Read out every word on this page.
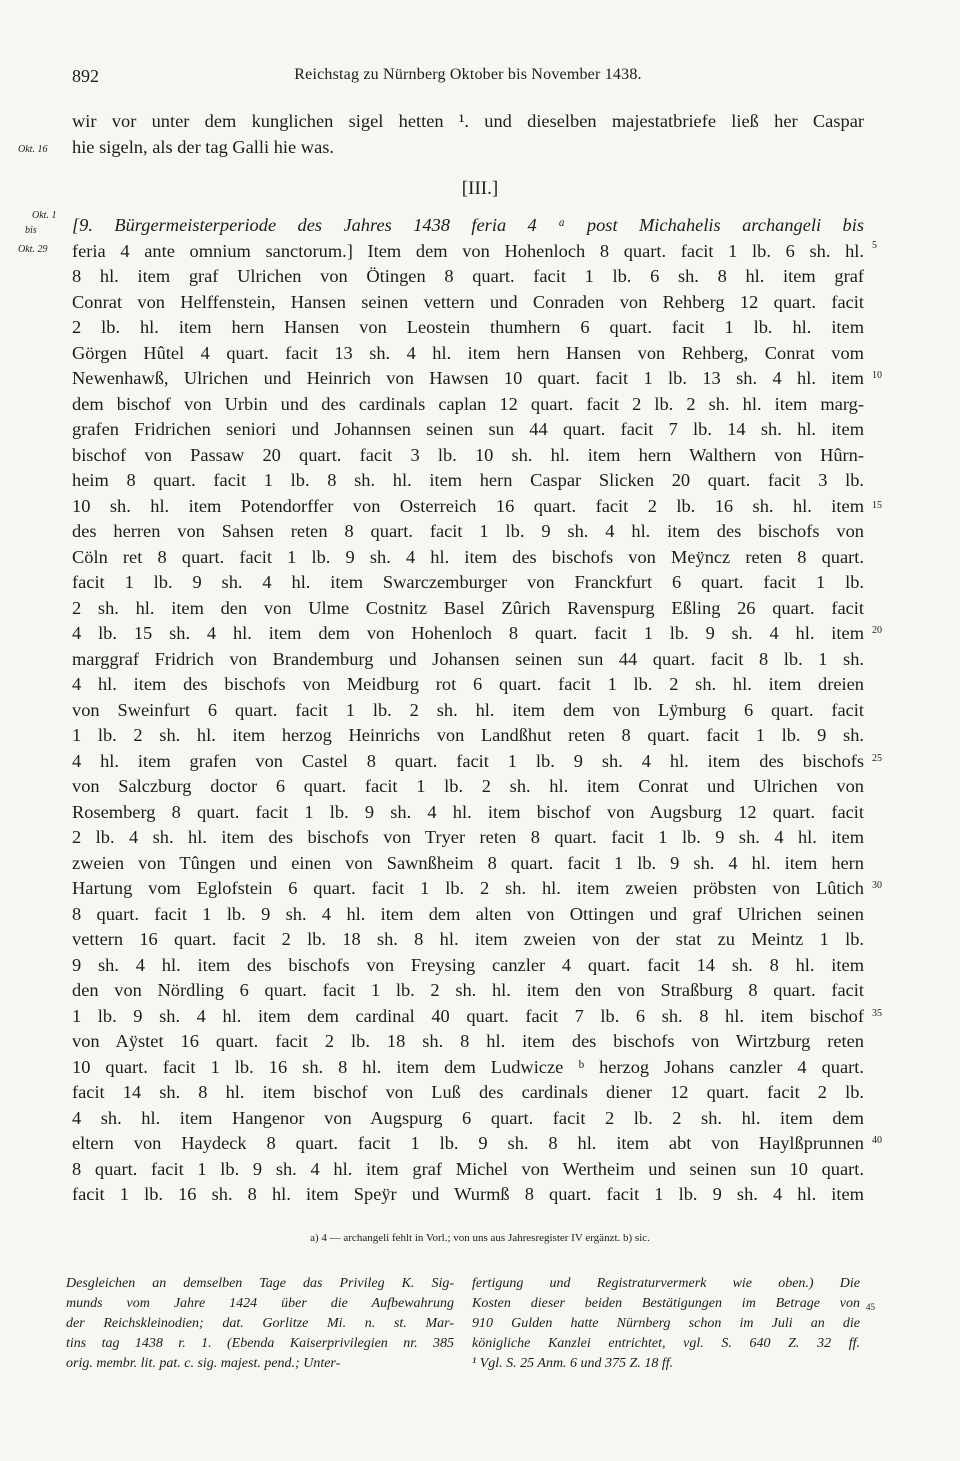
892	Reichstag zu Nürnberg Oktober bis November 1438.
wir vor unter dem kunglichen sigel hetten ¹. und dieselben majestatbriefe ließ her Caspar
hie sigeln, als der tag Galli hie was.
Okt. 16
[III.]
Okt. 1
bis
Okt. 29
[9. Bürgermeisterperiode des Jahres 1438 feria 4 ᵃ post Michahelis archangeli bis
feria 4 ante omnium sanctorum.] Item dem von Hohenloch 8 quart. facit 1 lb. 6 sh. hl.
8 hl. item graf Ulrichen von Ötingen 8 quart. facit 1 lb. 6 sh. 8 hl. item graf
Conrat von Helffenstein, Hansen seinen vettern und Conraden von Rehberg 12 quart. facit
2 lb. hl. item hern Hansen von Leostein thumhern 6 quart. facit 1 lb. hl. item
Görgen Hûtel 4 quart. facit 13 sh. 4 hl. item hern Hansen von Rehberg, Conrat vom
Newenhawß, Ulrichen und Heinrich von Hawsen 10 quart. facit 1 lb. 13 sh. 4 hl. item
dem bischof von Urbin und des cardinals caplan 12 quart. facit 2 lb. 2 sh. hl. item marg-
grafen Fridrichen seniori und Johannsen seinen sun 44 quart. facit 7 lb. 14 sh. hl. item
bischof von Passaw 20 quart. facit 3 lb. 10 sh. hl. item hern Walthern von Hûrn-
heim 8 quart. facit 1 lb. 8 sh. hl. item hern Caspar Slicken 20 quart. facit 3 lb.
10 sh. hl. item Potendorffer von Osterreich 16 quart. facit 2 lb. 16 sh. hl. item
des herren von Sahsen reten 8 quart. facit 1 lb. 9 sh. 4 hl. item des bischofs von
Cöln ret 8 quart. facit 1 lb. 9 sh. 4 hl. item des bischofs von Meÿncz reten 8 quart.
facit 1 lb. 9 sh. 4 hl. item Swarczemburger von Franckfurt 6 quart. facit 1 lb.
2 sh. hl. item den von Ulme Costnitz Basel Zûrich Ravenspurg Eßling 26 quart. facit
4 lb. 15 sh. 4 hl. item dem von Hohenloch 8 quart. facit 1 lb. 9 sh. 4 hl. item
marggraf Fridrich von Brandemburg und Johansen seinen sun 44 quart. facit 8 lb. 1 sh.
4 hl. item des bischofs von Meidburg rot 6 quart. facit 1 lb. 2 sh. hl. item dreien
von Sweinfurt 6 quart. facit 1 lb. 2 sh. hl. item dem von Lÿmburg 6 quart. facit
1 lb. 2 sh. hl. item herzog Heinrichs von Landßhut reten 8 quart. facit 1 lb. 9 sh.
4 hl. item grafen von Castel 8 quart. facit 1 lb. 9 sh. 4 hl. item des bischofs
von Salczburg doctor 6 quart. facit 1 lb. 2 sh. hl. item Conrat und Ulrichen von
Rosemberg 8 quart. facit 1 lb. 9 sh. 4 hl. item bischof von Augsburg 12 quart. facit
2 lb. 4 sh. hl. item des bischofs von Tryer reten 8 quart. facit 1 lb. 9 sh. 4 hl. item
zweien von Tûngen und einen von Sawnßheim 8 quart. facit 1 lb. 9 sh. 4 hl. item hern
Hartung vom Eglofstein 6 quart. facit 1 lb. 2 sh. hl. item zweien pröbsten von Lûtich
8 quart. facit 1 lb. 9 sh. 4 hl. item dem alten von Ottingen und graf Ulrichen seinen
vettern 16 quart. facit 2 lb. 18 sh. 8 hl. item zweien von der stat zu Meintz 1 lb.
9 sh. 4 hl. item des bischofs von Freysing canzler 4 quart. facit 14 sh. 8 hl. item
den von Nördling 6 quart. facit 1 lb. 2 sh. hl. item den von Straßburg 8 quart. facit
1 lb. 9 sh. 4 hl. item dem cardinal 40 quart. facit 7 lb. 6 sh. 8 hl. item bischof
von Aÿstet 16 quart. facit 2 lb. 18 sh. 8 hl. item des bischofs von Wirtzburg reten
10 quart. facit 1 lb. 16 sh. 8 hl. item dem Ludwicze ᵇ herzog Johans canzler 4 quart.
facit 14 sh. 8 hl. item bischof von Luß des cardinals diener 12 quart. facit 2 lb.
4 sh. hl. item Hangenor von Augspurg 6 quart. facit 2 lb. 2 sh. hl. item dem
eltern von Haydeck 8 quart. facit 1 lb. 9 sh. 8 hl. item abt von Haylßprunnen
8 quart. facit 1 lb. 9 sh. 4 hl. item graf Michel von Wertheim und seinen sun 10 quart.
facit 1 lb. 16 sh. 8 hl. item Speÿr und Wurmß 8 quart. facit 1 lb. 9 sh. 4 hl. item
5
10
15
20
25
30
35
40
a) 4 — archangeli fehlt in Vorl.; von uns aus Jahresregister IV ergänzt. b) sic.
Desgleichen an demselben Tage das Privileg K. Sig-
munds vom Jahre 1424 über die Aufbewahrung
der Reichskleinodien; dat. Gorlitze Mi. n. st. Mar-
tins tag 1438 r. 1. (Ebenda Kaiserprivilegien nr. 385
orig. membr. lit. pat. c. sig. majest. pend.; Unter-
fertigung und Registraturvermerk wie oben.) Die
Kosten dieser beiden Bestätigungen im Betrage von
910 Gulden hatte Nürnberg schon im Juli an die
königliche Kanzlei entrichtet, vgl. S. 640 Z. 32 ff.
¹ Vgl. S. 25 Anm. 6 und 375 Z. 18 ff.
45
